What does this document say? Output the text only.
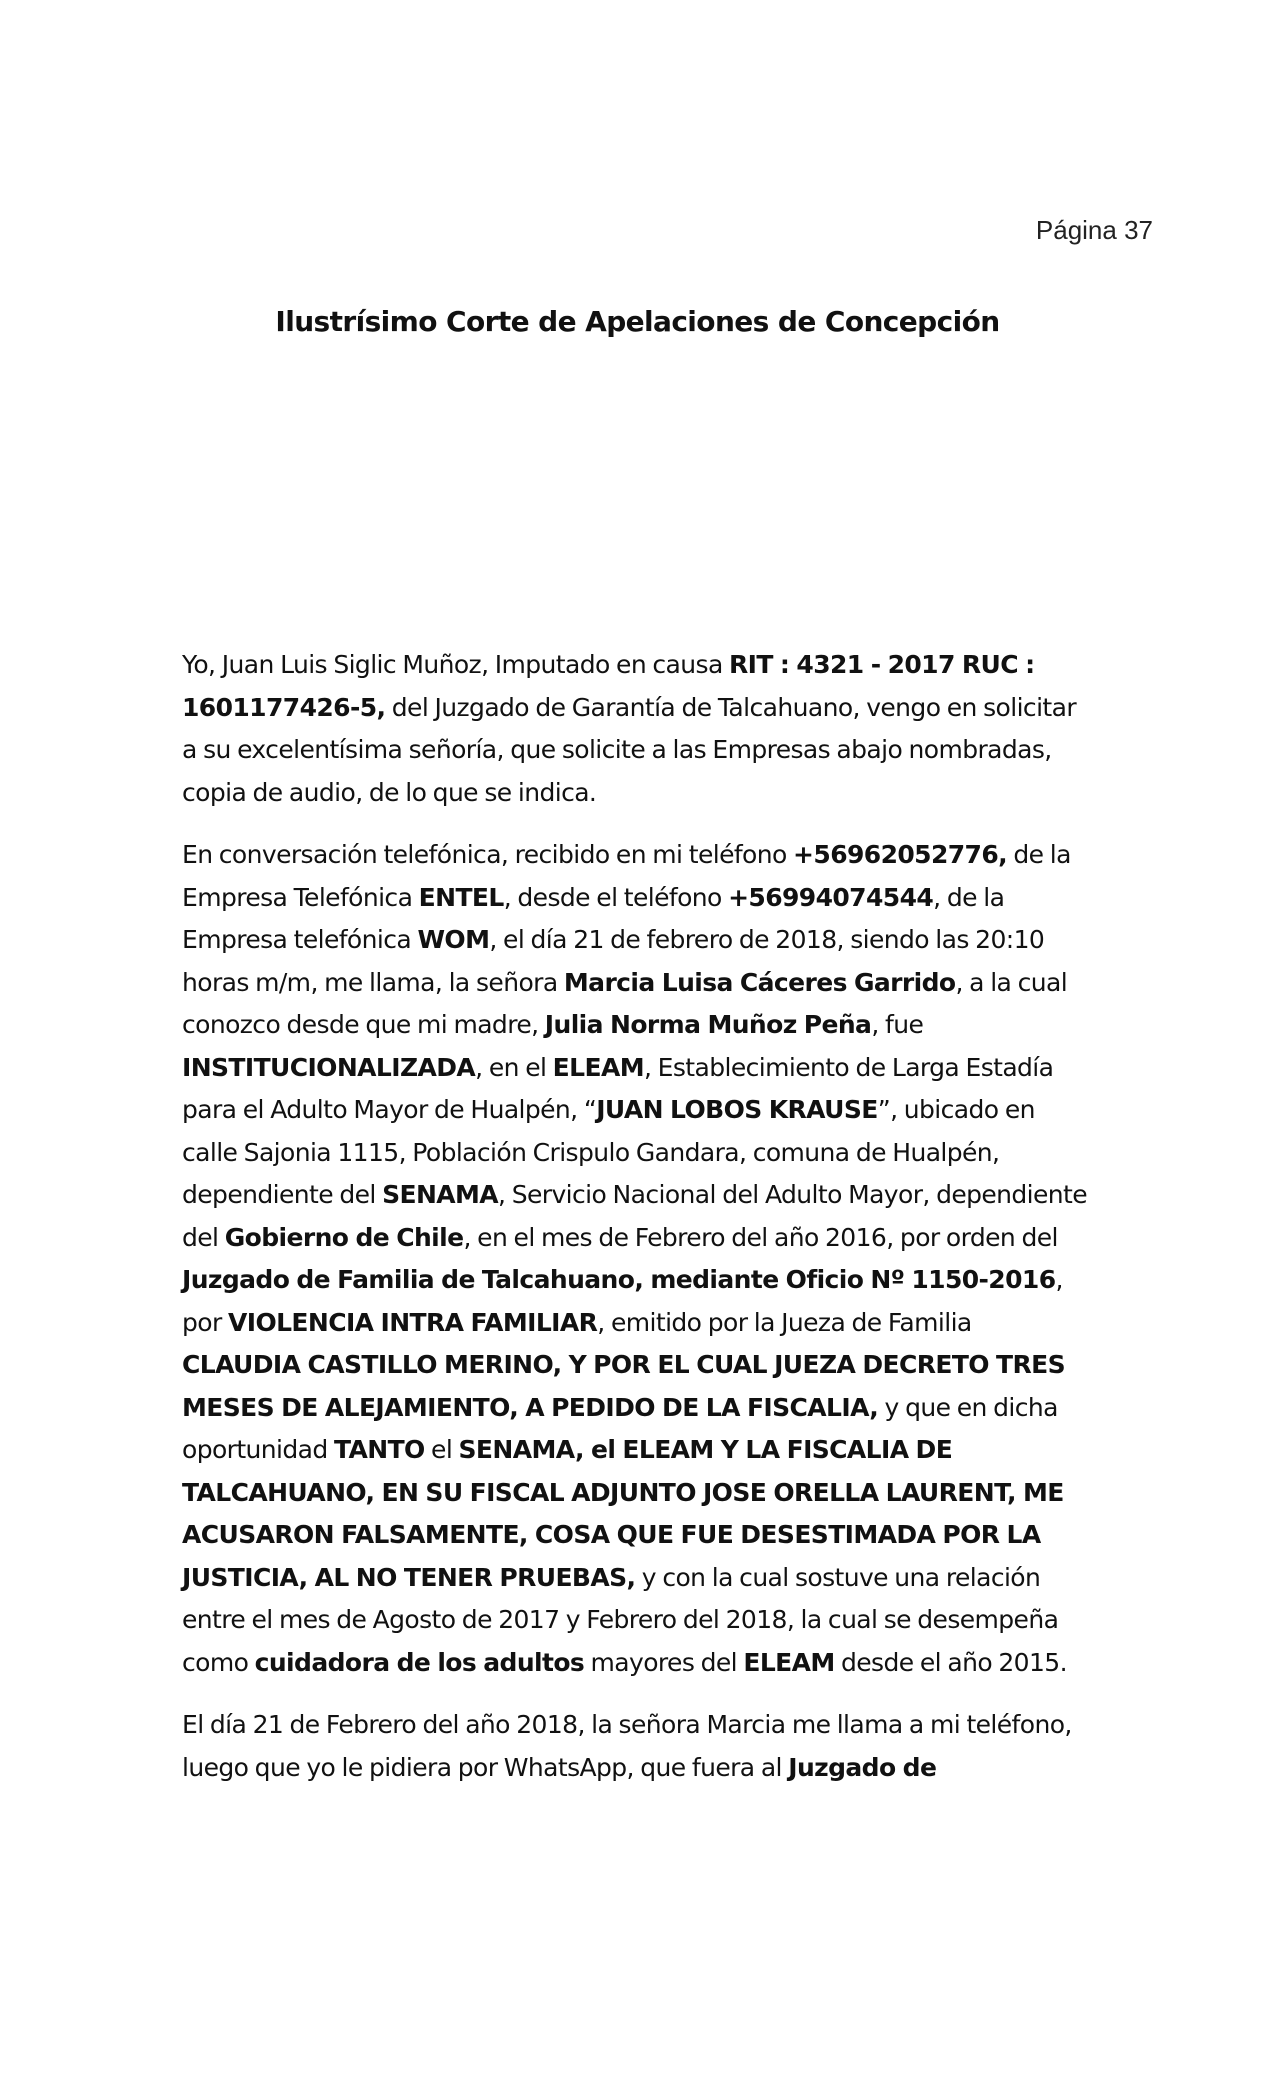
Página 37
Ilustrísimo Corte de Apelaciones de Concepción

Yo, Juan Luis Siglic Muñoz, Imputado en causa RIT : 4321 - 2017 RUC : 1601177426-5, del Juzgado de Garantía de Talcahuano, vengo en solicitar a su excelentísima señoría, que solicite a las Empresas abajo nombradas, copia de audio, de lo que se indica.

En conversación telefónica, recibido en mi teléfono +56962052776, de la Empresa Telefónica ENTEL, desde el teléfono +56994074544, de la Empresa telefónica WOM, el día 21 de febrero de 2018, siendo las 20:10 horas m/m, me llama, la señora Marcia Luisa Cáceres Garrido, a la cual conozco desde que mi madre, Julia Norma Muñoz Peña, fue INSTITUCIONALIZADA, en el ELEAM, Establecimiento de Larga Estadía para el Adulto Mayor de Hualpén, “JUAN LOBOS KRAUSE”, ubicado en calle Sajonia 1115, Población Crispulo Gandara, comuna de Hualpén, dependiente del SENAMA, Servicio Nacional del Adulto Mayor, dependiente del Gobierno de Chile, en el mes de Febrero del año 2016, por orden del Juzgado de Familia de Talcahuano, mediante Oficio Nº 1150-2016, por VIOLENCIA INTRA FAMILIAR, emitido por la Jueza de Familia CLAUDIA CASTILLO MERINO, Y POR EL CUAL JUEZA DECRETO TRES MESES DE ALEJAMIENTO, A PEDIDO DE LA FISCALIA, y que en dicha oportunidad TANTO el SENAMA, el ELEAM Y LA FISCALIA DE TALCAHUANO, EN SU FISCAL ADJUNTO JOSE ORELLA LAURENT, ME ACUSARON FALSAMENTE, COSA QUE FUE DESESTIMADA POR LA JUSTICIA, AL NO TENER PRUEBAS, y con la cual sostuve una relación entre el mes de Agosto de 2017 y Febrero del 2018, la cual se desempeña como cuidadora de los adultos mayores del ELEAM desde el año 2015.

El día 21 de Febrero del año 2018, la señora Marcia me llama a mi teléfono, luego que yo le pidiera por WhatsApp, que fuera al Juzgado de
